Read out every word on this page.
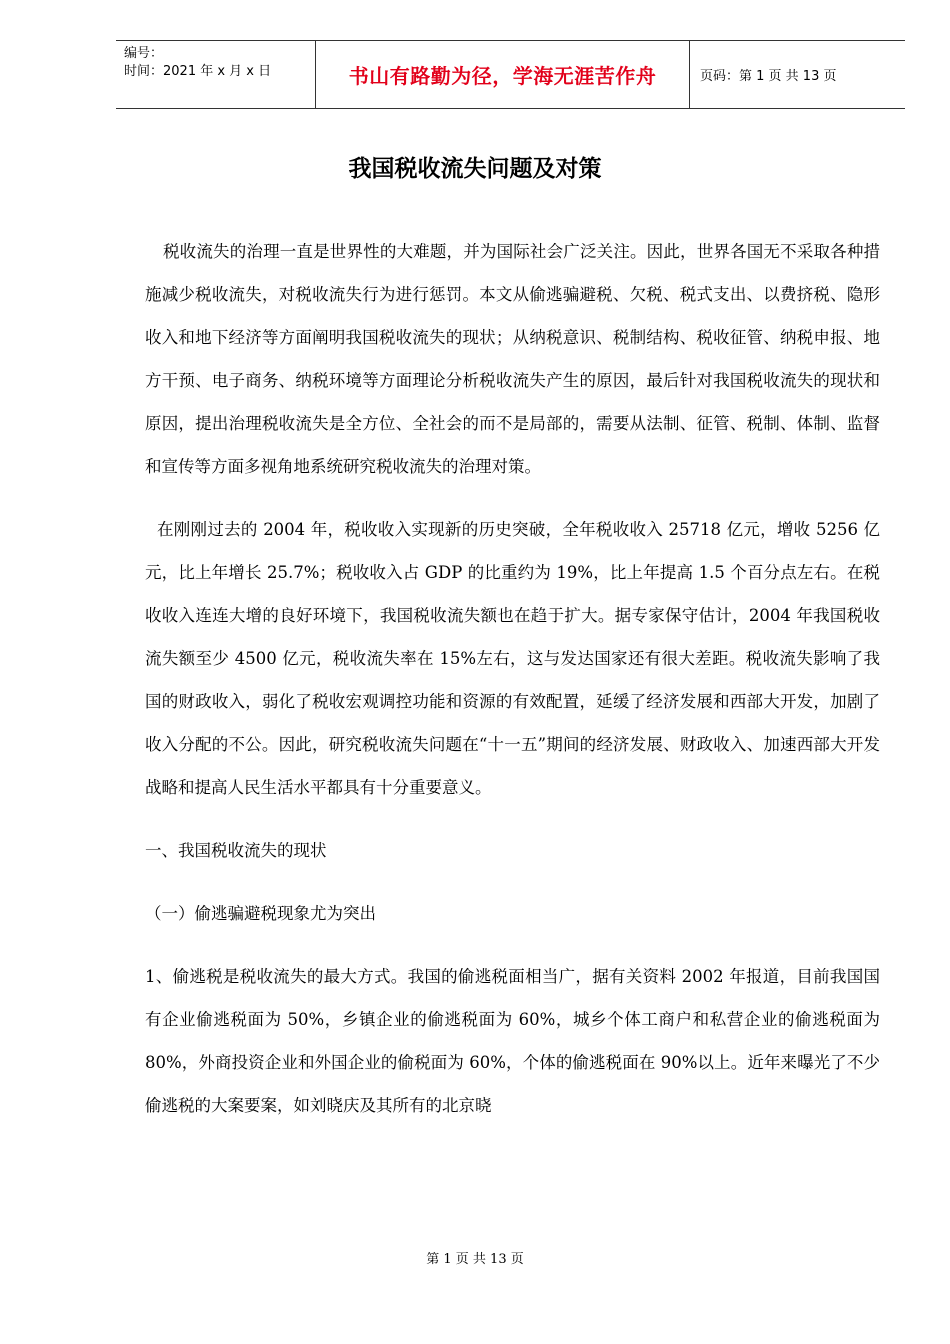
编号：
时间：2021 年 x 月 x 日	书山有路勤为径，学海无涯苦作舟	页码：第 1 页 共 13 页
我国税收流失问题及对策

税收流失的治理一直是世界性的大难题，并为国际社会广泛关注。因此，世界各国无不采取各种措施减少税收流失，对税收流失行为进行惩罚。本文从偷逃骗避税、欠税、税式支出、以费挤税、隐形收入和地下经济等方面阐明我国税收流失的现状；从纳税意识、税制结构、税收征管、纳税申报、地方干预、电子商务、纳税环境等方面理论分析税收流失产生的原因，最后针对我国税收流失的现状和原因，提出治理税收流失是全方位、全社会的而不是局部的，需要从法制、征管、税制、体制、监督和宣传等方面多视角地系统研究税收流失的治理对策。

在刚刚过去的 2004 年，税收收入实现新的历史突破，全年税收收入 25718 亿元，增收 5256 亿元，比上年增长 25.7%；税收收入占 GDP 的比重约为 19%，比上年提高 1.5 个百分点左右。在税收收入连连大增的良好环境下，我国税收流失额也在趋于扩大。据专家保守估计，2004 年我国税收流失额至少 4500 亿元，税收流失率在 15%左右，这与发达国家还有很大差距。税收流失影响了我国的财政收入，弱化了税收宏观调控功能和资源的有效配置，延缓了经济发展和西部大开发，加剧了收入分配的不公。因此，研究税收流失问题在“十一五”期间的经济发展、财政收入、加速西部大开发战略和提高人民生活水平都具有十分重要意义。

一、我国税收流失的现状

（一）偷逃骗避税现象尤为突出

1、偷逃税是税收流失的最大方式。我国的偷逃税面相当广，据有关资料 2002 年报道，目前我国国有企业偷逃税面为 50%，乡镇企业的偷逃税面为 60%，城乡个体工商户和私营企业的偷逃税面为 80%，外商投资企业和外国企业的偷税面为 60%，个体的偷逃税面在 90%以上。近年来曝光了不少偷逃税的大案要案，如刘晓庆及其所有的北京晓

第 1 页 共 13 页
